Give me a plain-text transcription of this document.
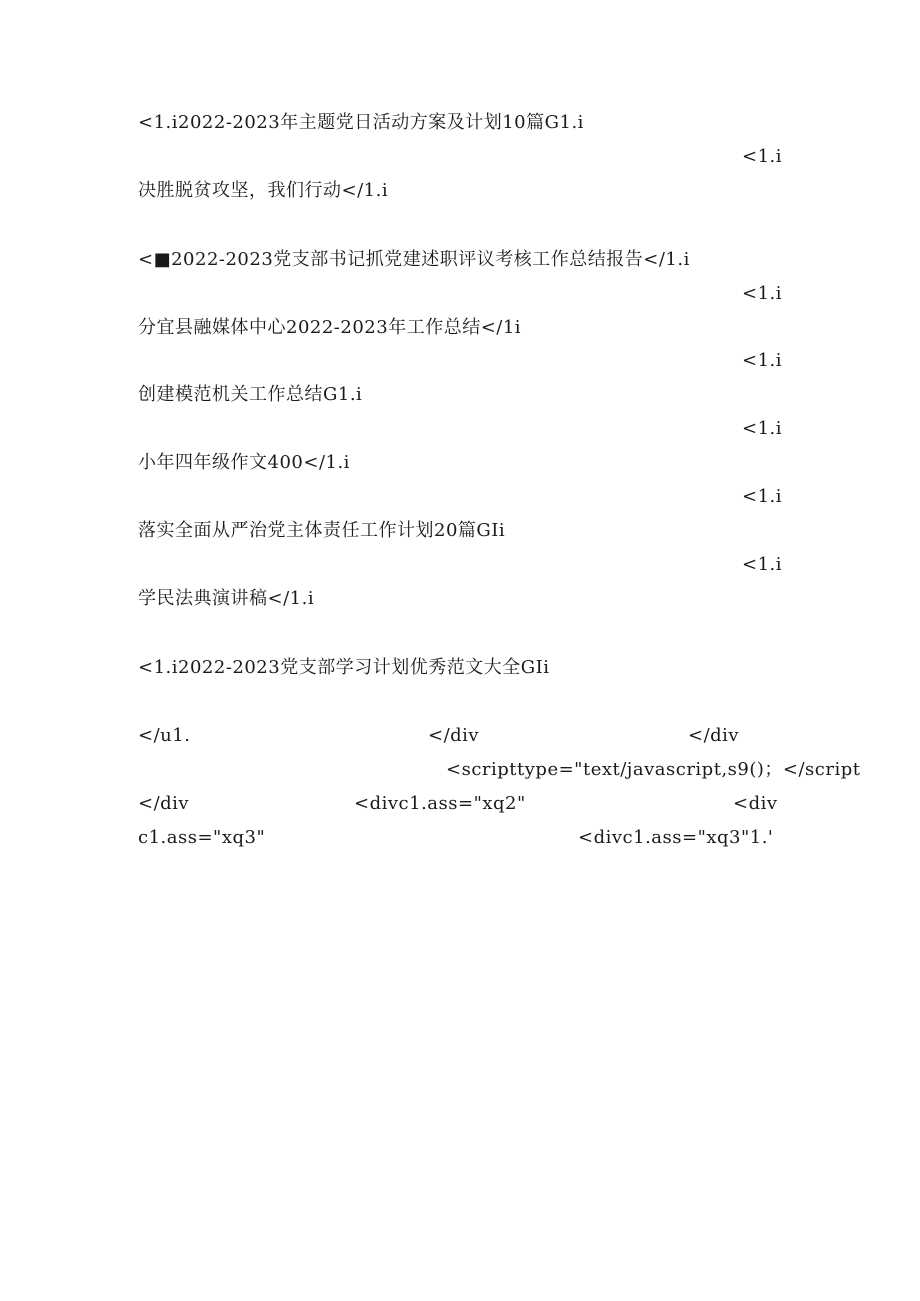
<1.i2022-2023年主题党日活动方案及计划10篇G1.i
<1.i
决胜脱贫攻坚，我们行动</1.i
<■2022-2023党支部书记抓党建述职评议考核工作总结报告</1.i
<1.i
分宜县融媒体中心2022-2023年工作总结</1i
<1.i
创建模范机关工作总结G1.i
<1.i
小年四年级作文400</1.i
<1.i
落实全面从严治党主体责任工作计划20篇GIi
<1.i
学民法典演讲稿</1.i
<1.i2022-2023党支部学习计划优秀范文大全GIi
</u1.	</div	</div
<scripttype="text/javascript,s9()；</script
</div	<divc1.ass="xq2"	<div
c1.ass="xq3"	<divc1.ass="xq3"1.'
